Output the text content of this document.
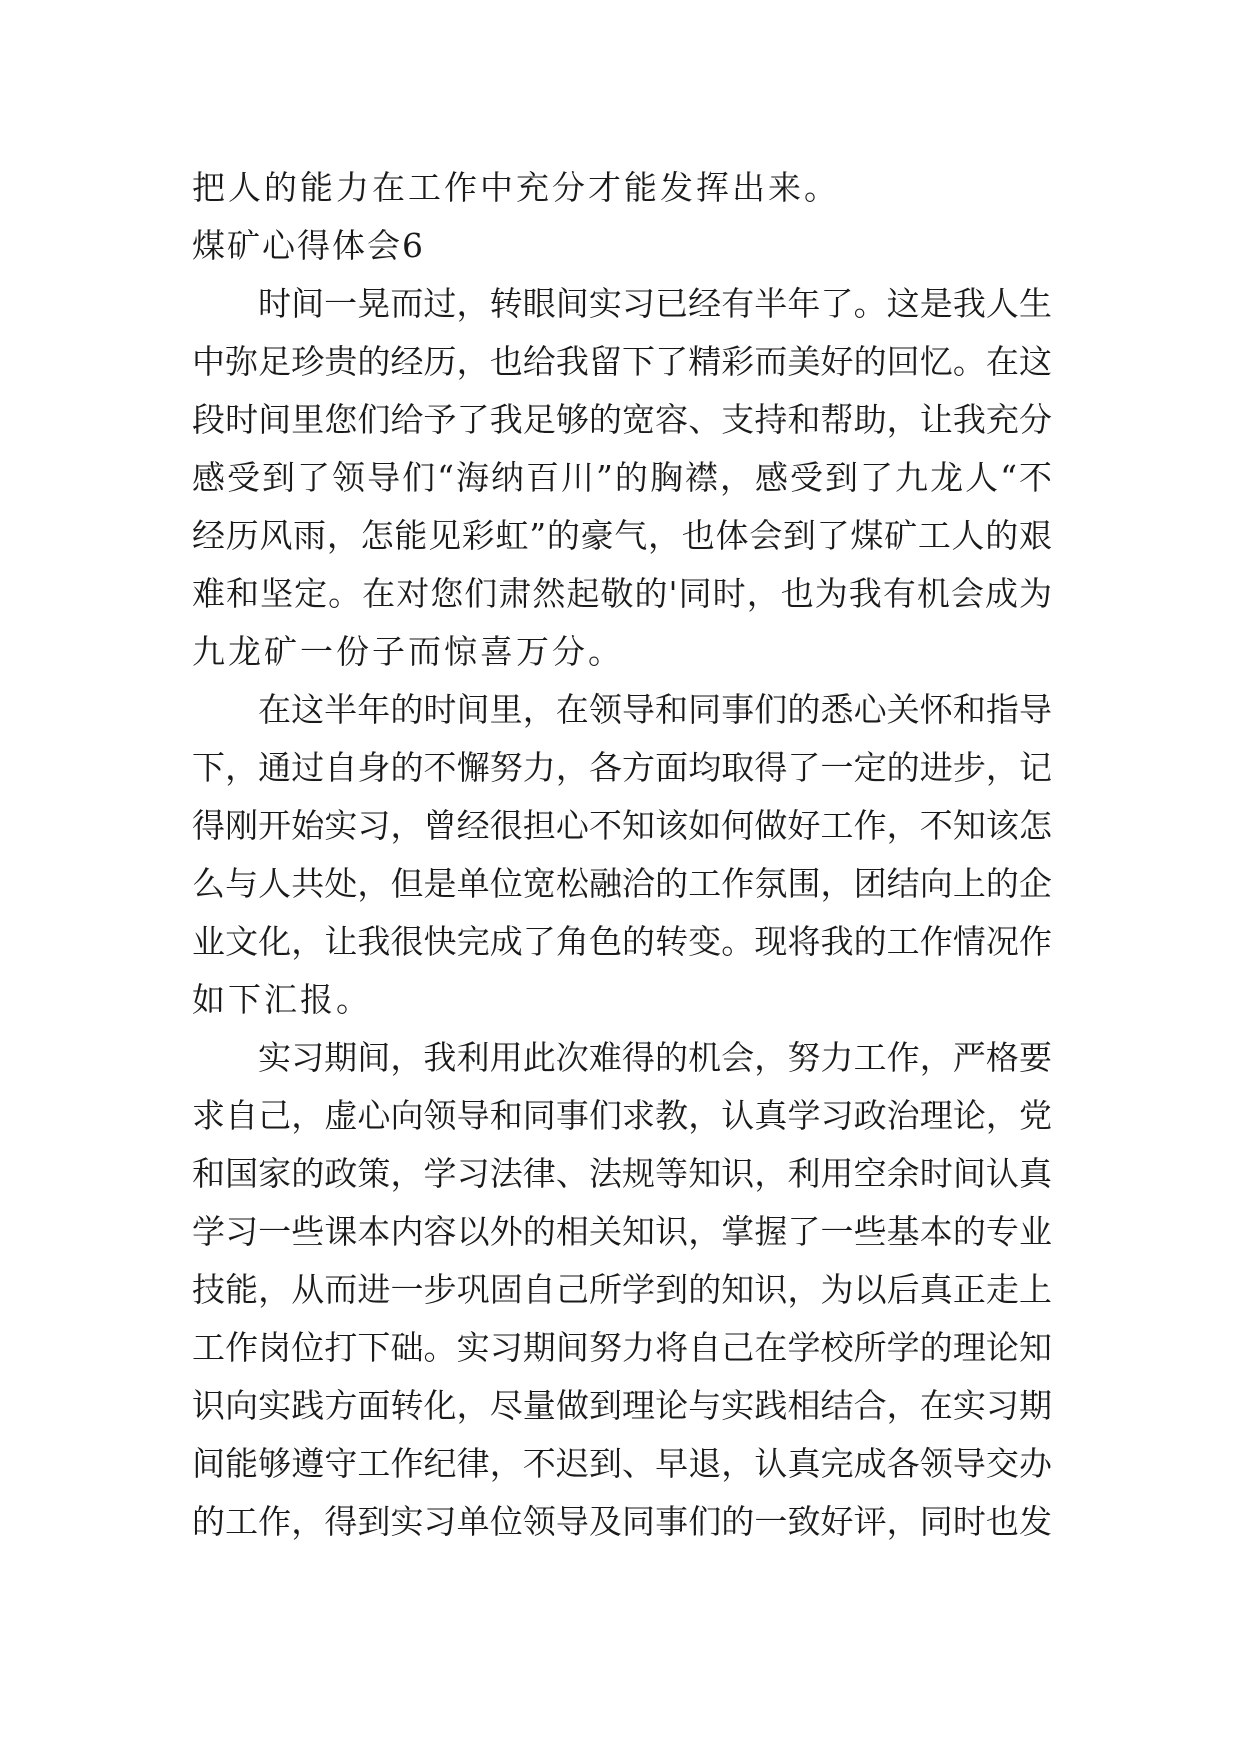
把人的能力在工作中充分才能发挥出来。
煤矿心得体会6
时间一晃而过，转眼间实习已经有半年了。这是我人生
中弥足珍贵的经历，也给我留下了精彩而美好的回忆。在这
段时间里您们给予了我足够的宽容、支持和帮助，让我充分
感受到了领导们“海纳百川”的胸襟，感受到了九龙人“不
经历风雨，怎能见彩虹”的豪气，也体会到了煤矿工人的艰
难和坚定。在对您们肃然起敬的'同时，也为我有机会成为
九龙矿一份子而惊喜万分。
在这半年的时间里，在领导和同事们的悉心关怀和指导
下，通过自身的不懈努力，各方面均取得了一定的进步，记
得刚开始实习，曾经很担心不知该如何做好工作，不知该怎
么与人共处，但是单位宽松融洽的工作氛围，团结向上的企
业文化，让我很快完成了角色的转变。现将我的工作情况作
如下汇报。
实习期间，我利用此次难得的机会，努力工作，严格要
求自己，虚心向领导和同事们求教，认真学习政治理论，党
和国家的政策，学习法律、法规等知识，利用空余时间认真
学习一些课本内容以外的相关知识，掌握了一些基本的专业
技能，从而进一步巩固自己所学到的知识，为以后真正走上
工作岗位打下础。实习期间努力将自己在学校所学的理论知
识向实践方面转化，尽量做到理论与实践相结合，在实习期
间能够遵守工作纪律，不迟到、早退，认真完成各领导交办
的工作，得到实习单位领导及同事们的一致好评，同时也发
